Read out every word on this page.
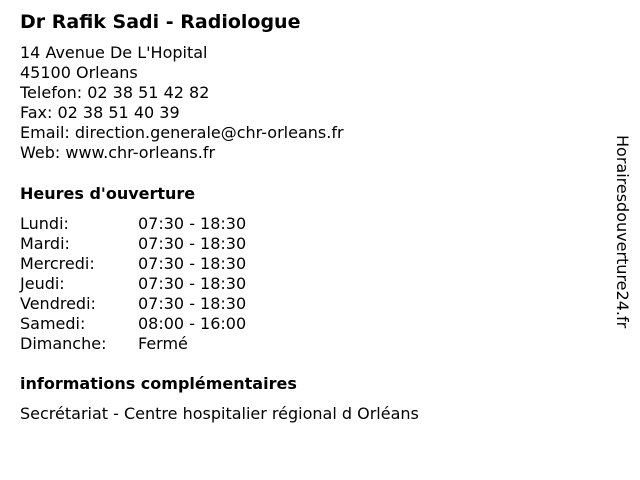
Dr Rafik Sadi - Radiologue
14 Avenue De L'Hopital
45100 Orleans
Telefon: 02 38 51 42 82
Fax: 02 38 51 40 39
Email: direction.generale@chr-orleans.fr
Web: www.chr-orleans.fr
Heures d'ouverture
Lundi:	07:30 - 18:30
Mardi:	07:30 - 18:30
Mercredi:	07:30 - 18:30
Jeudi:	07:30 - 18:30
Vendredi:	07:30 - 18:30
Samedi:	08:00 - 16:00
Dimanche:	Fermé
informations complémentaires
Secrétariat - Centre hospitalier régional d Orléans
Horairesdouverture24.fr
